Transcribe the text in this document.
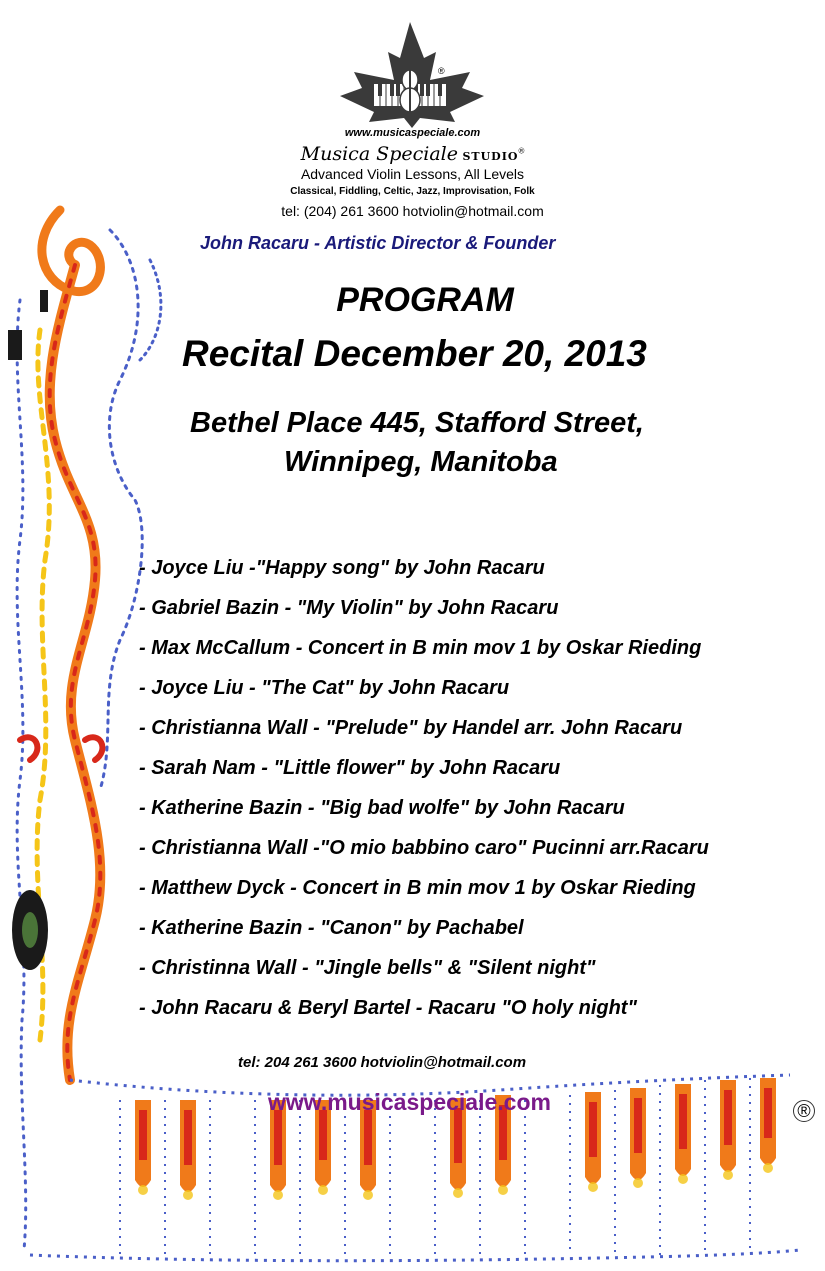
®
www.musicaspeciale.com
Musica Speciale STUDIO®
Advanced Violin Lessons, All Levels
Classical, Fiddling, Celtic, Jazz, Improvisation, Folk
tel: (204) 261 3600 hotviolin@hotmail.com
John Racaru - Artistic Director & Founder
PROGRAM
Recital December 20, 2013
Bethel Place 445, Stafford Street,
Winnipeg, Manitoba
- Joyce Liu -"Happy song" by John Racaru
- Gabriel Bazin - "My Violin" by John Racaru
- Max McCallum - Concert in B min mov 1 by Oskar Rieding
- Joyce Liu - "The Cat" by John Racaru
- Christianna Wall - "Prelude" by Handel arr. John Racaru
- Sarah Nam - "Little flower" by John Racaru
- Katherine Bazin - "Big bad wolfe" by John Racaru
- Christianna Wall -"O mio babbino caro" Pucinni arr.Racaru
- Matthew Dyck - Concert in B min mov 1 by Oskar Rieding
- Katherine Bazin - "Canon" by Pachabel
- Christinna Wall - "Jingle bells" & "Silent night"
- John Racaru & Beryl Bartel - Racaru "O holy night"
tel: 204 261 3600 hotviolin@hotmail.com
www.musicaspeciale.com	®
